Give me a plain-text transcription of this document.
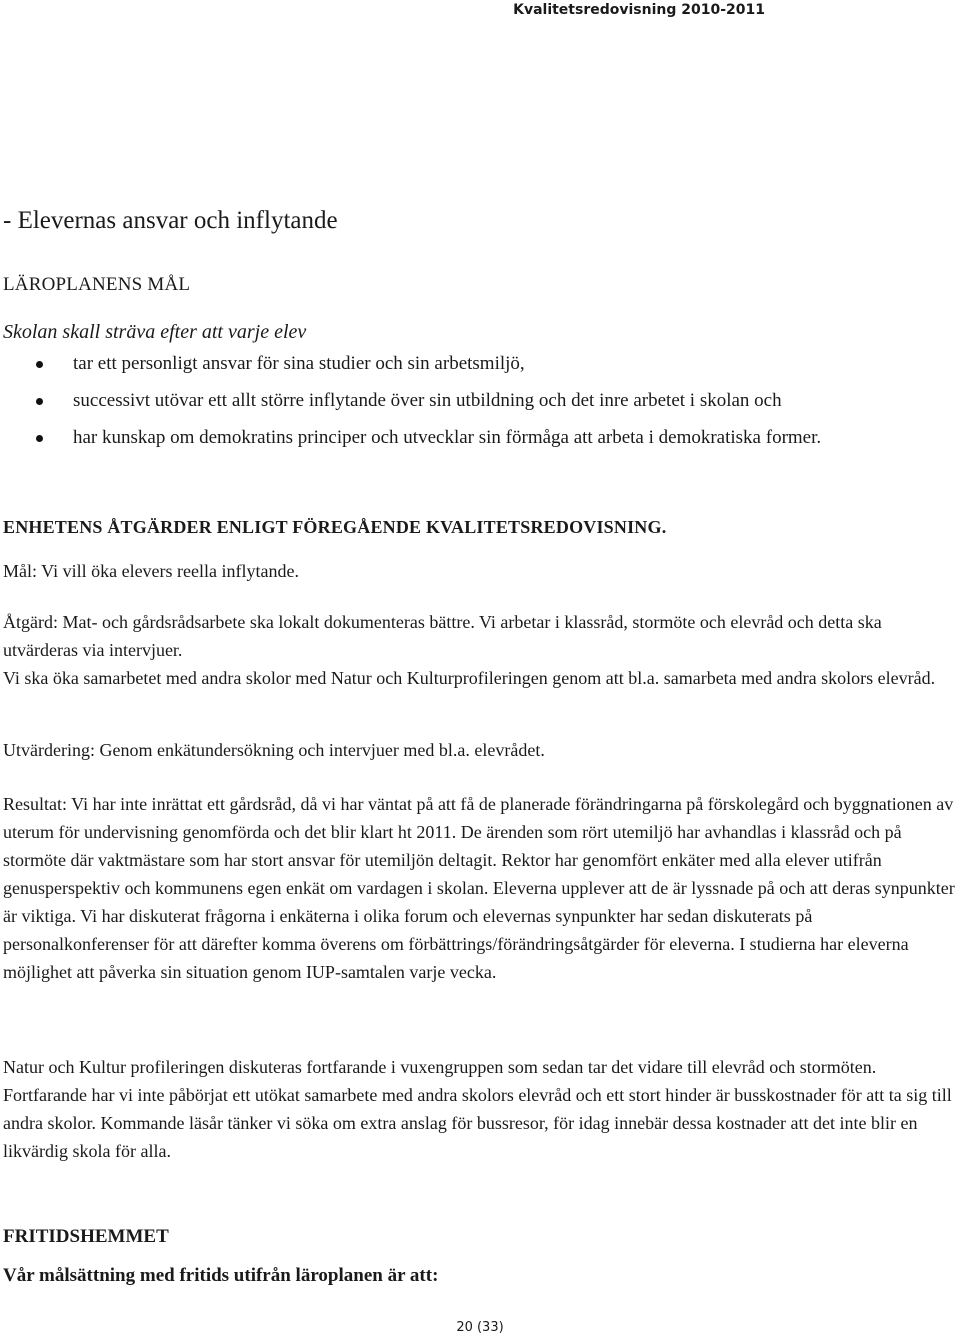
Kvalitetsredovisning 2010-2011
- Elevernas ansvar och inflytande
LÄROPLANENS MÅL
Skolan skall sträva efter att varje elev
tar ett personligt ansvar för sina studier och sin arbetsmiljö,
successivt utövar ett allt större inflytande över sin utbildning och det inre arbetet i skolan och
har kunskap om demokratins principer och utvecklar sin förmåga att arbeta i demokratiska former.
ENHETENS ÅTGÄRDER ENLIGT FÖREGÅENDE KVALITETSREDOVISNING.

Mål: Vi vill öka elevers reella inflytande.

Åtgärd: Mat- och gårdsrådsarbete ska lokalt dokumenteras bättre. Vi arbetar i klassråd, stormöte och elevråd och detta ska utvärderas via intervjuer.
Vi ska öka samarbetet med andra skolor med Natur och Kulturprofileringen genom att bl.a. samarbeta med andra skolors elevråd.

Utvärdering: Genom enkätundersökning och intervjuer med bl.a. elevrådet.

Resultat: Vi har inte inrättat ett gårdsråd, då vi har väntat på att få de planerade förändringarna på förskolegård och byggnationen av uterum för undervisning genomförda och det blir klart ht 2011. De ärenden som rört utemiljö har avhandlas i klassråd och på stormöte där vaktmästare som har stort ansvar för utemiljön deltagit. Rektor har genomfört enkäter med alla elever utifrån genusperspektiv och kommunens egen enkät om vardagen i skolan. Eleverna upplever att de är lyssnade på och att deras synpunkter är viktiga. Vi har diskuterat frågorna i enkäterna i olika forum och elevernas synpunkter har sedan diskuterats på personalkonferenser för att därefter komma överens om förbättrings/förändringsåtgärder för eleverna. I studierna har eleverna möjlighet att påverka sin situation genom IUP-samtalen varje vecka.

Natur och Kultur profileringen diskuteras fortfarande i vuxengruppen som sedan tar det vidare till elevråd och stormöten. Fortfarande har vi inte påbörjat ett utökat samarbete med andra skolors elevråd och ett stort hinder är busskostnader för att ta sig till andra skolor. Kommande läsår tänker vi söka om extra anslag för bussresor, för idag innebär dessa kostnader att det inte blir en likvärdig skola för alla.

FRITIDSHEMMET
Vår målsättning med fritids utifrån läroplanen är att:
20 (33)
